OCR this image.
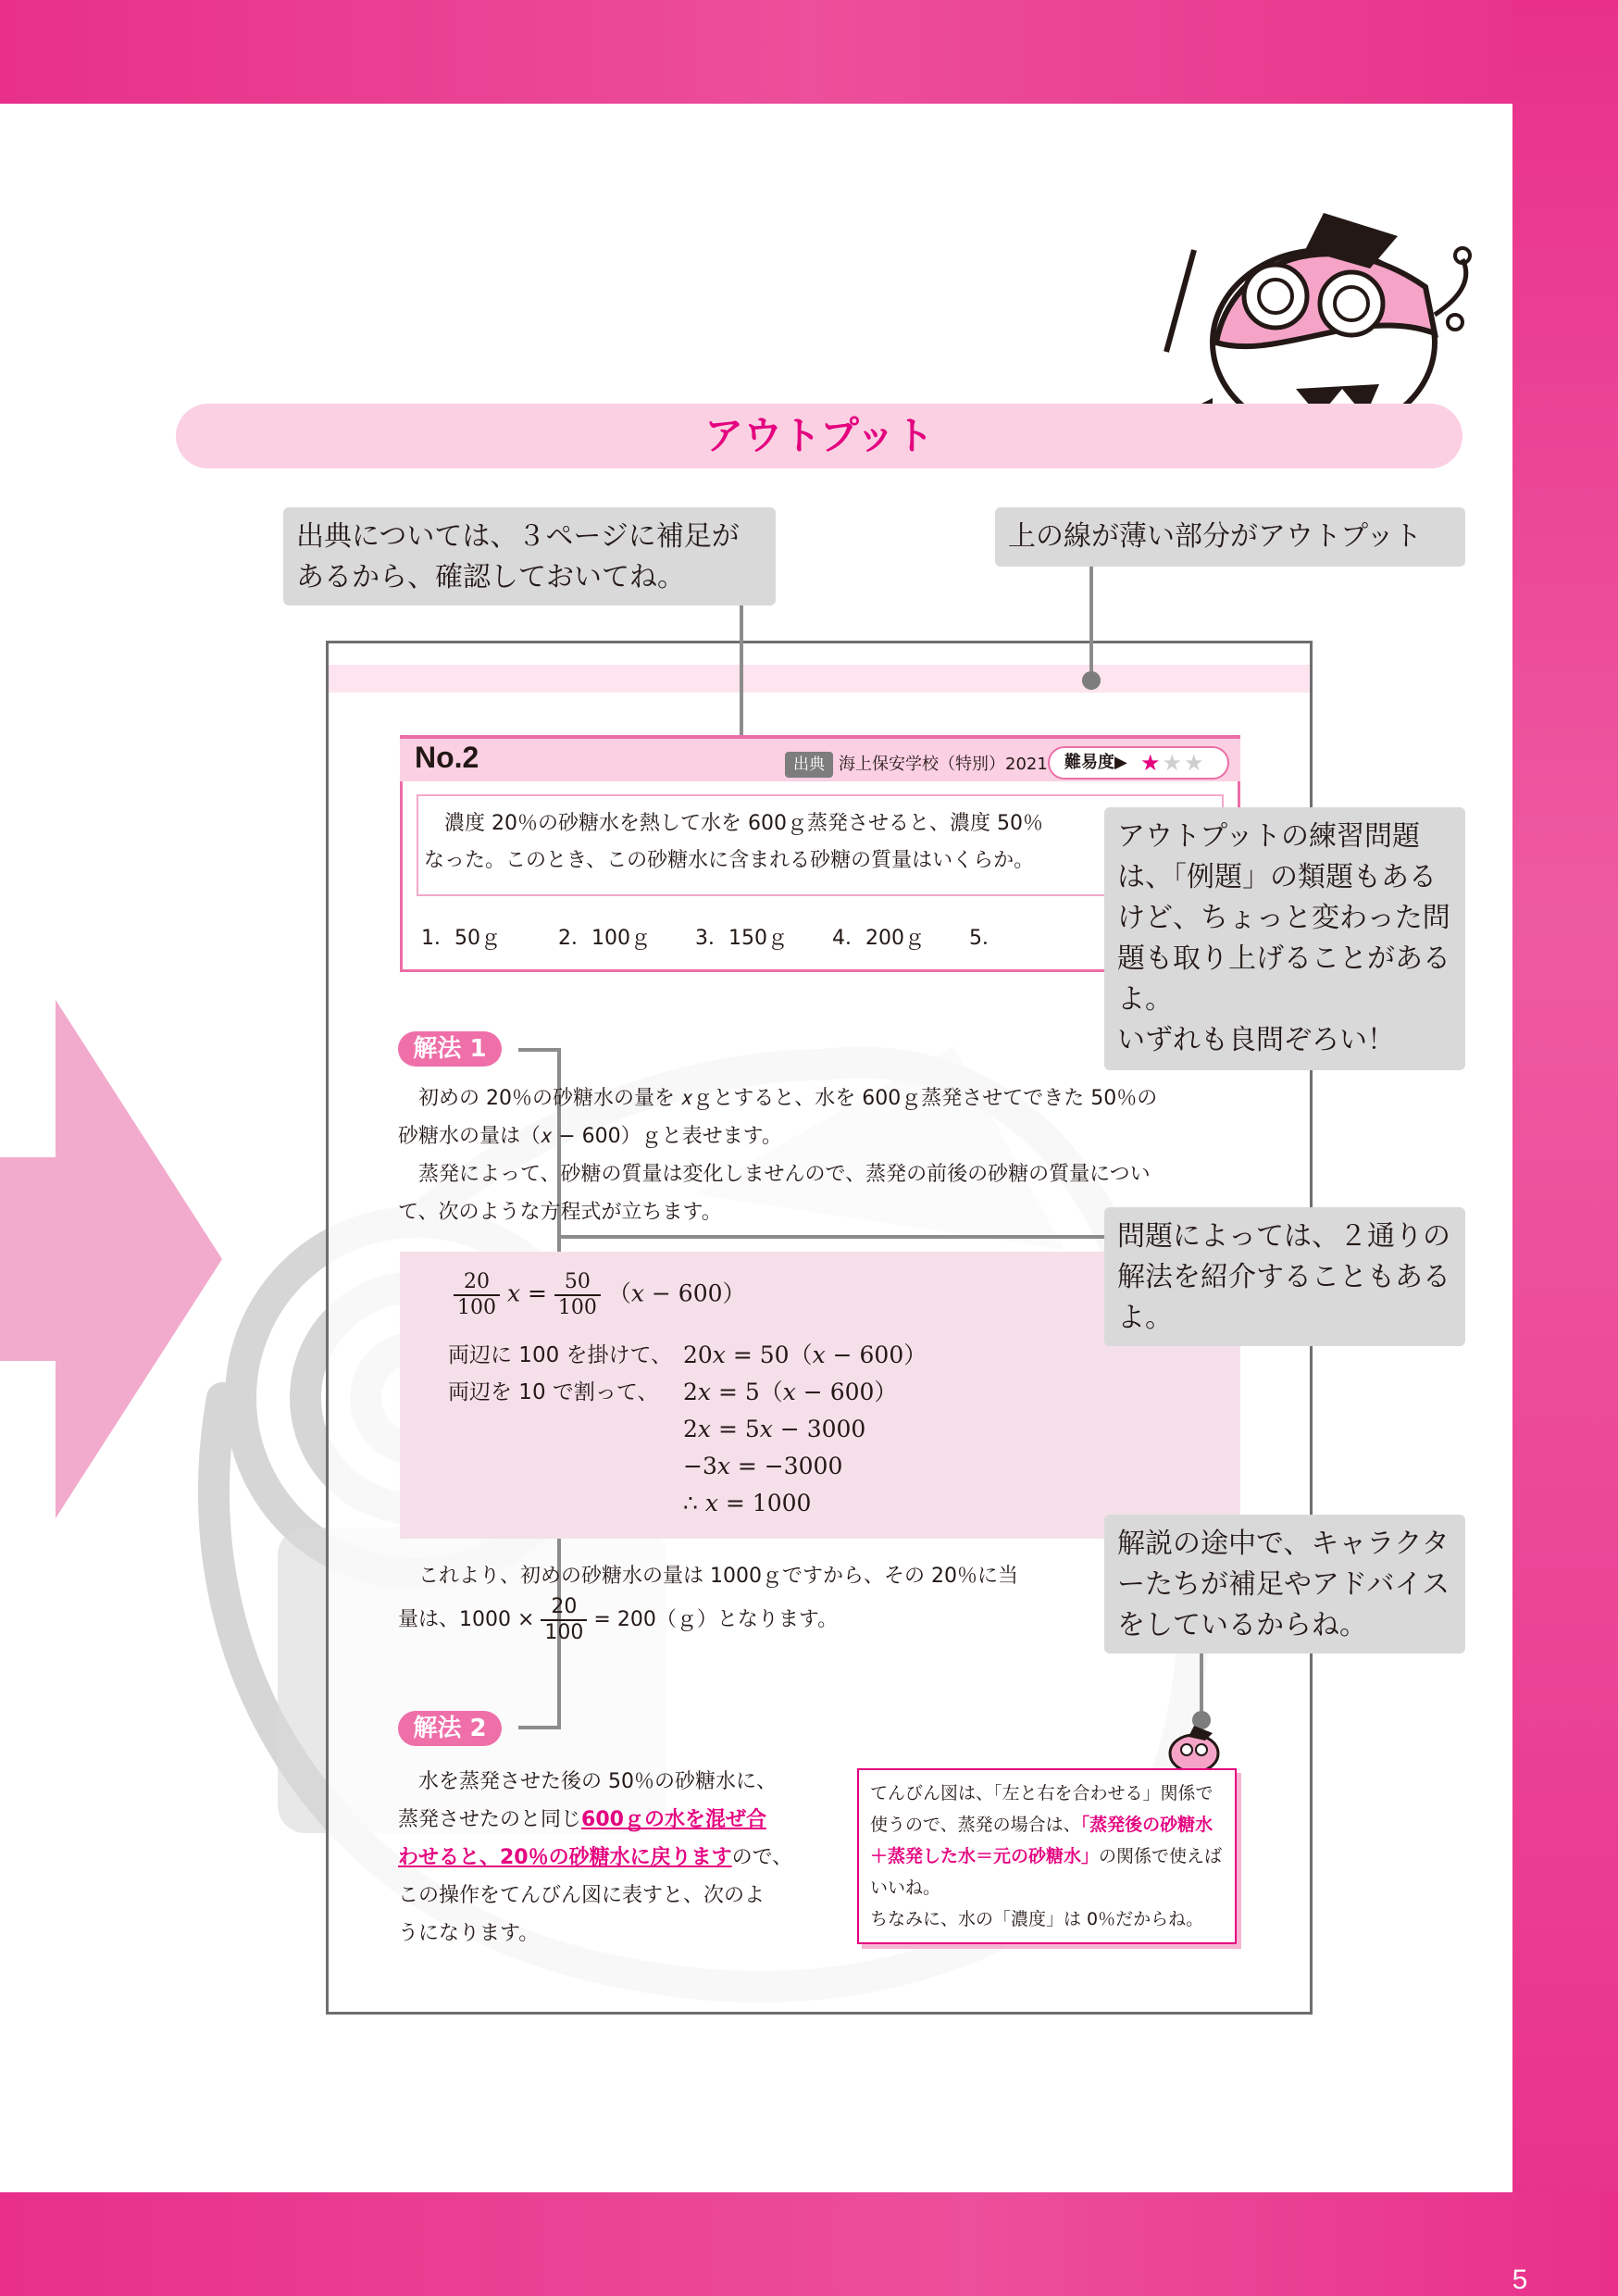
5
アウトプット
No.2	出典 海上保安学校（特別）2021 難易度▶ ★★★
濃度 20％の砂糖水を熱して水を 600ｇ蒸発させると、濃度 50％
なった。このとき、この砂糖水に含まれる砂糖の質量はいくらか。
1．50ｇ	2．100ｇ	3．150ｇ	4．200ｇ	5．
解法 1
初めの 20％の砂糖水の量を 𝑥ｇとすると、水を 600ｇ蒸発させてできた 50％の
砂糖水の量は（𝑥 − 600）ｇと表せます。
蒸発によって、砂糖の質量は変化しませんので、蒸発の前後の砂糖の質量につい
て、次のような方程式が立ちます。
$\frac{20}{100}$ 𝑥 = $\frac{50}{100}$ （𝑥 − 600）
両辺に 100 を掛けて、 20𝑥 = 50（𝑥 − 600）
両辺を 10 で割って、 2𝑥 = 5（𝑥 − 600）
2𝑥 = 5𝑥 − 3000
−3𝑥 = −3000
∴ 𝑥 = 1000
これより、初めの砂糖水の量は 1000ｇですから、その 20％に当
量は、$1000 \times \frac{20}{100}$ = 200（ｇ）となります。
解法 2
水を蒸発させた後の 50％の砂糖水に、
蒸発させたのと同じ600ｇの水を混ぜ合
わせると、20％の砂糖水に戻りますので、
この操作をてんびん図に表すと、次のよ
うになります。
てんびん図は、「左と右を合わせる」関係で使うので、蒸発の場合は、「蒸発後の砂糖水＋蒸発した水＝元の砂糖水」の関係で使えばいいね。
ちなみに、水の「濃度」は 0％だからね。
出典については、３ページに補足があるから、確認しておいてね。
上の線が薄い部分がアウトプット
アウトプットの練習問題は、「例題」の類題もあるけど、ちょっと変わった問題も取り上げることがあるよ。
いずれも良問ぞろい！
問題によっては、２通りの解法を紹介することもあるよ。
解説の途中で、キャラクターたちが補足やアドバイスをしているからね。
